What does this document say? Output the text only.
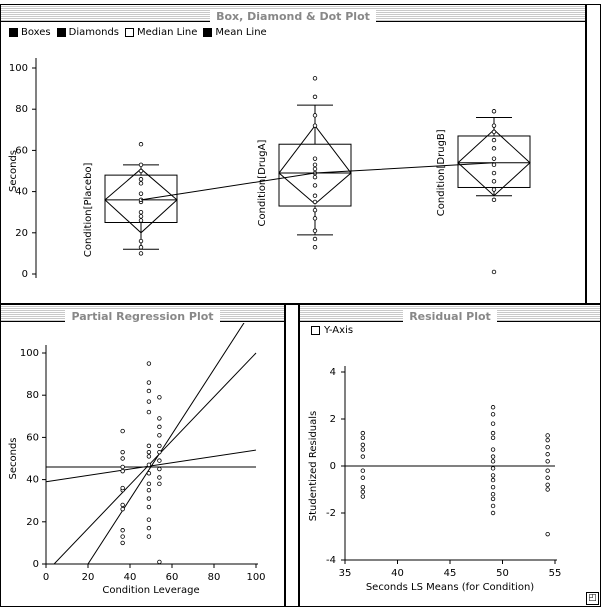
Box, Diamond & Dot Plot
Boxes Diamonds Median Line Mean Line
0
20
40
60
80
100
Seconds	Condition[Placebo]	Condition[DrugA]	Condition[DrugB]
Partial Regression Plot
0
20
40
60
80
100
0	20	40	60	80	100
Condition Leverage
Seconds
Residual Plot
Y-Axis
-4
-2
0
2
4
35	40	45	50	55
Seconds LS Means (for Condition)
Studentized Residuals
◰
